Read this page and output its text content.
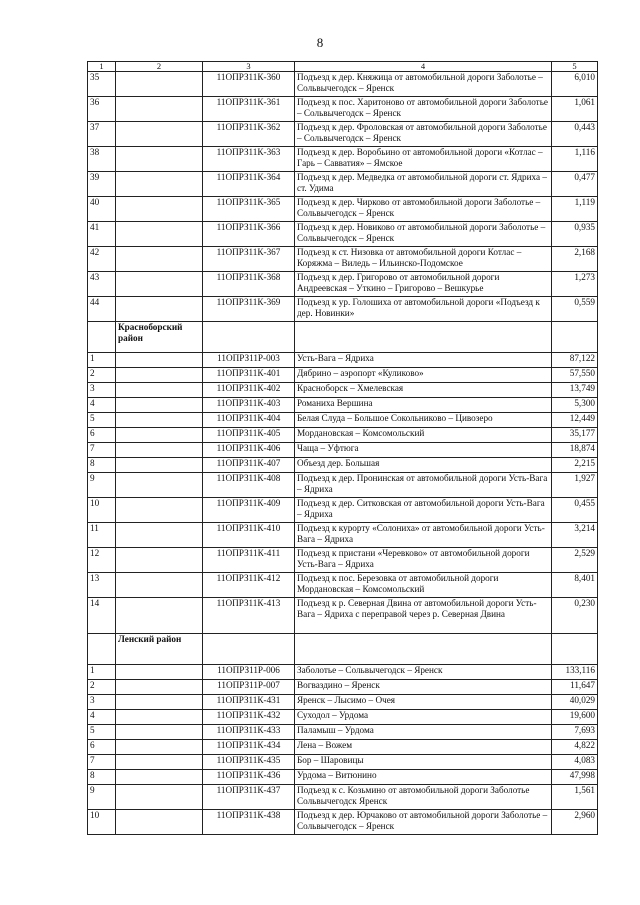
8
1	2	3	4	5
35		11ОПРЗ11К-360	Подъезд к дер. Княжица от автомобильной дороги Заболотье – Сольвычегодск – Яренск	6,010
36		11ОПРЗ11К-361	Подъезд к пос. Харитоново от автомобильной дороги Заболотье – Сольвычегодск – Яренск	1,061
37		11ОПРЗ11К-362	Подъезд к дер. Фроловская от автомобильной дороги Заболотье – Сольвычегодск – Яренск	0,443
38		11ОПРЗ11К-363	Подъезд к дер. Воробьино от автомобильной дороги «Котлас – Гарь – Савватия» – Ямское	1,116
39		11ОПРЗ11К-364	Подъезд к дер. Медведка от автомобильной дороги ст. Ядриха – ст. Удима	0,477
40		11ОПРЗ11К-365	Подъезд к дер. Чирково от автомобильной дороги Заболотье – Сольвычегодск – Яренск	1,119
41		11ОПРЗ11К-366	Подъезд к дер. Новиково от автомобильной дороги Заболотье – Сольвычегодск – Яренск	0,935
42		11ОПРЗ11К-367	Подъезд к ст. Низовка от автомобильной дороги Котлас – Коряжма – Виледь – Ильинско-Подомское	2,168
43		11ОПРЗ11К-368	Подъезд к дер. Григорово от автомобильной дороги Андреевская – Уткино – Григорово – Вешкурье	1,273
44		11ОПРЗ11К-369	Подъезд к ур. Голошиха от автомобильной дороги «Подъезд к дер. Новинки»	0,559
	Красноборский район			
1		11ОПРЗ11Р-003	Усть-Вага – Ядриха	87,122
2		11ОПРЗ11К-401	Дябрино – аэропорт «Куликово»	57,550
3		11ОПРЗ11К-402	Красноборск – Хмелевская	13,749
4		11ОПРЗ11К-403	Романиха Вершина	5,300
5		11ОПРЗ11К-404	Белая Слуда – Большое Сокольниково – Цивозеро	12,449
6		11ОПРЗ11К-405	Мордановская – Комсомольский	35,177
7		11ОПРЗ11К-406	Чаща – Уфтюга	18,874
8		11ОПРЗ11К-407	Объезд дер. Большая	2,215
9		11ОПРЗ11К-408	Подъезд к дер. Пронинская от автомобильной дороги Усть-Вага – Ядриха	1,927
10		11ОПРЗ11К-409	Подъезд к дер. Ситковская от автомобильной дороги Усть-Вага – Ядриха	0,455
11		11ОПРЗ11К-410	Подъезд к курорту «Солониха» от автомобильной дороги Усть-Вага – Ядриха	3,214
12		11ОПРЗ11К-411	Подъезд к пристани «Черевково» от автомобильной дороги Усть-Вага – Ядриха	2,529
13		11ОПРЗ11К-412	Подъезд к пос. Березовка от автомобильной дороги Мордановская – Комсомольский	8,401
14		11ОПРЗ11К-413	Подъезд к р. Северная Двина от автомобильной дороги Усть-Вага – Ядриха с переправой через р. Северная Двина	0,230
	Ленский район			
1		11ОПРЗ11Р-006	Заболотье – Сольвычегодск – Яренск	133,116
2		11ОПРЗ11Р-007	Вогваздино – Яренск	11,647
3		11ОПРЗ11К-431	Яренск – Лысимо – Очея	40,029
4		11ОПРЗ11К-432	Суходол – Урдома	19,600
5		11ОПРЗ11К-433	Паламыш – Урдома	7,693
6		11ОПРЗ11К-434	Лена – Вожем	4,822
7		11ОПРЗ11К-435	Бор – Шаровицы	4,083
8		11ОПРЗ11К-436	Урдома – Витюнино	47,998
9		11ОПРЗ11К-437	Подъезд к с. Козьмино от автомобильной дороги Заболотье Сольвычегодск Яренск	1,561
10		11ОПРЗ11К-438	Подъезд к дер. Юрчаково от автомобильной дороги Заболотье – Сольвычегодск – Яренск	2,960
